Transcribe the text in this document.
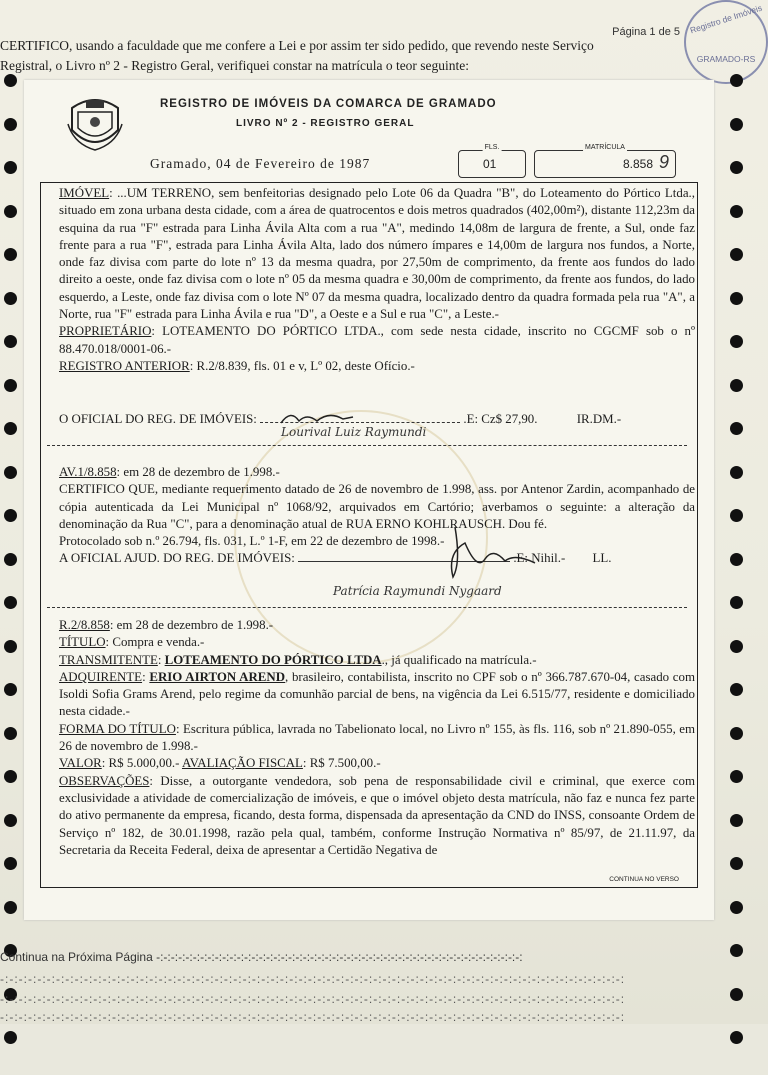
CERTIFICO, usando a faculdade que me confere a Lei e por assim ter sido pedido, que revendo neste Serviço
Registral, o Livro nº 2 - Registro Geral, verifiquei constar na matrícula o teor seguinte:
Página 1 de 5 Registro de Imóveis
GRAMADO-RS
REGISTRO DE IMÓVEIS DA COMARCA DE GRAMADO
LIVRO Nº 2 - REGISTRO GERAL
Gramado, 04 de Fevereiro de 1987
FLS.
01
MATRÍCULA
8.858 9

IMÓVEL: ...UM TERRENO, sem benfeitorias designado pelo Lote 06 da Quadra "B", do Loteamento do Pórtico Ltda., situado em zona urbana desta cidade, com a área de quatrocentos e dois metros quadrados (402,00m²), distante 112,23m da esquina da rua "F" estrada para Linha Ávila Alta com a rua "A", medindo 14,08m de largura de frente, a Sul, onde faz frente para a rua "F", estrada para Linha Ávila Alta, lado dos número ímpares e 14,00m de largura nos fundos, a Norte, onde faz divisa com parte do lote nº 13 da mesma quadra, por 27,50m de comprimento, da frente aos fundos do lado direito a oeste, onde faz divisa com o lote nº 05 da mesma quadra e 30,00m de comprimento, da frente aos fundos, do lado esquerdo, a Leste, onde faz divisa com o lote Nº 07 da mesma quadra, localizado dentro da quadra formada pela rua "A", a Norte, rua "F" estrada para Linha Ávila e rua "D", a Oeste e a Sul e rua "C", a Leste.-

PROPRIETÁRIO: LOTEAMENTO DO PÓRTICO LTDA., com sede nesta cidade, inscrito no CGCMF sob o nº 88.470.018/0001-06.-

REGISTRO ANTERIOR: R.2/8.839, fls. 01 e v, Lº 02, deste Ofício.-

O OFICIAL DO REG. DE IMÓVEIS:	.E: Cz$ 27,90.	IR.DM.-
Lourival Luiz Raymundi

AV.1/8.858: em 28 de dezembro de 1.998.-

CERTIFICO QUE, mediante requerimento datado de 26 de novembro de 1.998, ass. por Antenor Zardin, acompanhado de cópia autenticada da Lei Municipal nº 1068/92, arquivados em Cartório; averbamos o seguinte: a alteração da denominação da Rua "C", para a denominação atual de RUA ERNO KOHLRAUSCH. Dou fé.

Protocolado sob n.º 26.794, fls. 031, L.º 1-F, em 22 de dezembro de 1998.-

A OFICIAL AJUD. DO REG. DE IMÓVEIS:	.E: Nihil.- LL.

Patrícia Raymundi Nygaard

R.2/8.858: em 28 de dezembro de 1.998.-

TÍTULO: Compra e venda.-

TRANSMITENTE: LOTEAMENTO DO PÓRTICO LTDA., já qualificado na matrícula.-

ADQUIRENTE: ERIO AIRTON AREND, brasileiro, contabilista, inscrito no CPF sob o nº 366.787.670-04, casado com Isoldi Sofia Grams Arend, pelo regime da comunhão parcial de bens, na vigência da Lei 6.515/77, residente e domiciliado nesta cidade.-

FORMA DO TÍTULO: Escritura pública, lavrada no Tabelionato local, no Livro nº 155, às fls. 116, sob nº 21.890-055, em 26 de novembro de 1.998.-

VALOR: R$ 5.000,00.- AVALIAÇÃO FISCAL: R$ 7.500,00.-

OBSERVAÇÕES: Disse, a outorgante vendedora, sob pena de responsabilidade civil e criminal, que exerce com exclusividade a atividade de comercialização de imóveis, e que o imóvel objeto desta matrícula, não faz e nunca fez parte do ativo permanente da empresa, ficando, desta forma, dispensada da apresentação da CND do INSS, consoante Ordem de Serviço nº 182, de 30.01.1998, razão pela qual, também, conforme Instrução Normativa nº 85/97, de 21.11.97, da Secretaria da Receita Federal, deixa de apresentar a Certidão Negativa de

CONTINUA NO VERSO
Continua na Próxima Página -:-:-:-:-:-:-:-:-:-:-:-:-:-:-:-:-:-:-:-:-:-:-:-:-:-:-:-:-:-:-:-:-:-:-:-:-:-:-:-:-:-:-:-:-:-:-:-:-:-:
-:-:-:-:-:-:-:-:-:-:-:-:-:-:-:-:-:-:-:-:-:-:-:-:-:-:-:-:-:-:-:-:-:-:-:-:-:-:-:-:-:-:-:-:-:-:-:-:-:-:-:-:-:-:-:-:-:-:-:-:-:-:-:-:-:-:-:
-:-:-:-:-:-:-:-:-:-:-:-:-:-:-:-:-:-:-:-:-:-:-:-:-:-:-:-:-:-:-:-:-:-:-:-:-:-:-:-:-:-:-:-:-:-:-:-:-:-:-:-:-:-:-:-:-:-:-:-:-:-:-:-:-:-:-:
-:-:-:-:-:-:-:-:-:-:-:-:-:-:-:-:-:-:-:-:-:-:-:-:-:-:-:-:-:-:-:-:-:-:-:-:-:-:-:-:-:-:-:-:-:-:-:-:-:-:-:-:-:-:-:-:-:-:-:-:-:-:-:-:-:-:-:
